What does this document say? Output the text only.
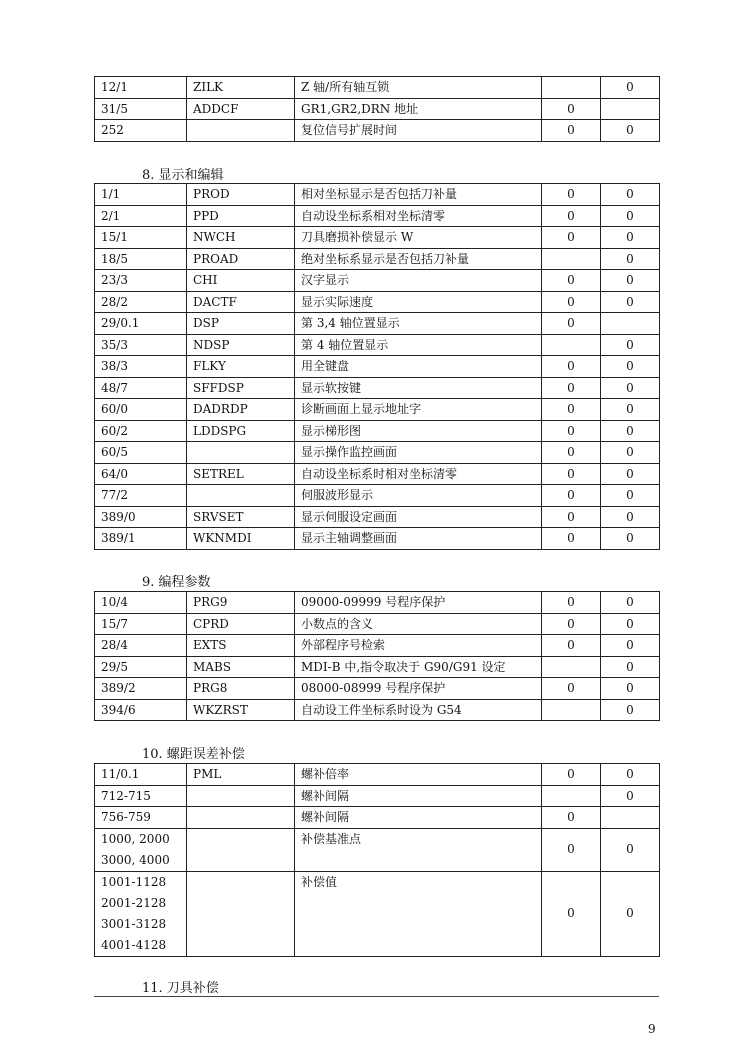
12/1	ZILK	Z 轴/所有轴互锁		0
31/5	ADDCF	GR1,GR2,DRN 地址	0	
252		复位信号扩展时间	0	0
8. 显示和编辑
1/1	PROD	相对坐标显示是否包括刀补量	0	0
2/1	PPD	自动设坐标系相对坐标清零	0	0
15/1	NWCH	刀具磨损补偿显示 W	0	0
18/5	PROAD	绝对坐标系显示是否包括刀补量		0
23/3	CHI	汉字显示	0	0
28/2	DACTF	显示实际速度	0	0
29/0.1	DSP	第 3,4 轴位置显示	0	
35/3	NDSP	第 4 轴位置显示		0
38/3	FLKY	用全键盘	0	0
48/7	SFFDSP	显示软按键	0	0
60/0	DADRDP	诊断画面上显示地址字	0	0
60/2	LDDSPG	显示梯形图	0	0
60/5		显示操作监控画面	0	0
64/0	SETREL	自动设坐标系时相对坐标清零	0	0
77/2		伺服波形显示	0	0
389/0	SRVSET	显示伺服设定画面	0	0
389/1	WKNMDI	显示主轴调整画面	0	0
9. 编程参数
10/4	PRG9	09000-09999 号程序保护	0	0
15/7	CPRD	小数点的含义	0	0
28/4	EXTS	外部程序号检索	0	0
29/5	MABS	MDI-B 中,指令取决于 G90/G91 设定		0
389/2	PRG8	08000-08999 号程序保护	0	0
394/6	WKZRST	自动设工件坐标系时设为 G54		0
10. 螺距误差补偿
11/0.1	PML	螺补倍率	0	0
712-715		螺补间隔		0
756-759		螺补间隔	0	

1000, 2000
3000, 4000		补偿基准点	0	0

1001-1128
2001-2128
3001-3128
4001-4128		补偿值	0	0
11. 刀具补偿
9
